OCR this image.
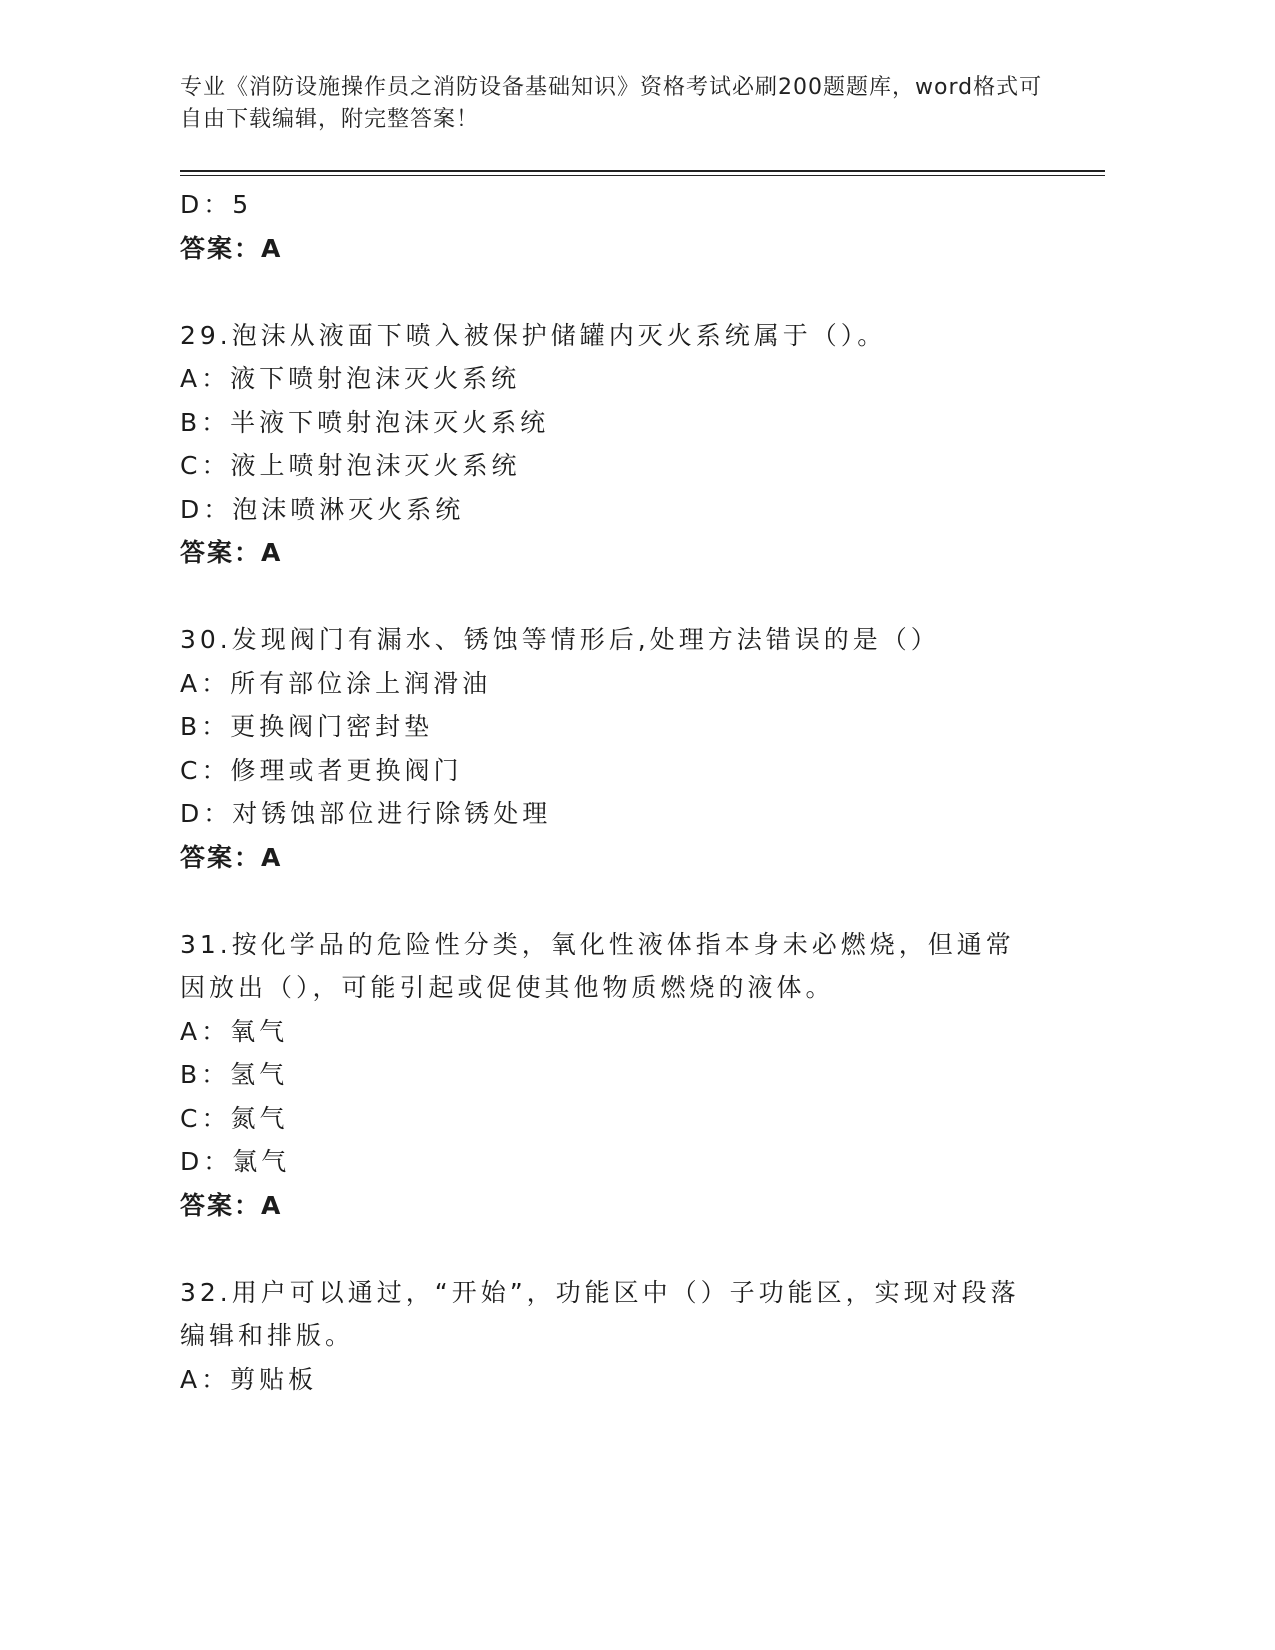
专业《消防设施操作员之消防设备基础知识》资格考试必刷200题题库，word格式可自由下载编辑，附完整答案！
D：5
答案：A
29.泡沫从液面下喷入被保护储罐内灭火系统属于（）。
A：液下喷射泡沫灭火系统
B：半液下喷射泡沫灭火系统
C：液上喷射泡沫灭火系统
D：泡沫喷淋灭火系统
答案：A
30.发现阀门有漏水、锈蚀等情形后,处理方法错误的是（）
A：所有部位涂上润滑油
B：更换阀门密封垫
C：修理或者更换阀门
D：对锈蚀部位进行除锈处理
答案：A
31.按化学品的危险性分类，氧化性液体指本身未必燃烧，但通常因放出（），可能引起或促使其他物质燃烧的液体。
A：氧气
B：氢气
C：氮气
D：氯气
答案：A
32.用户可以通过，“开始”，功能区中（）子功能区，实现对段落编辑和排版。
A：剪贴板
